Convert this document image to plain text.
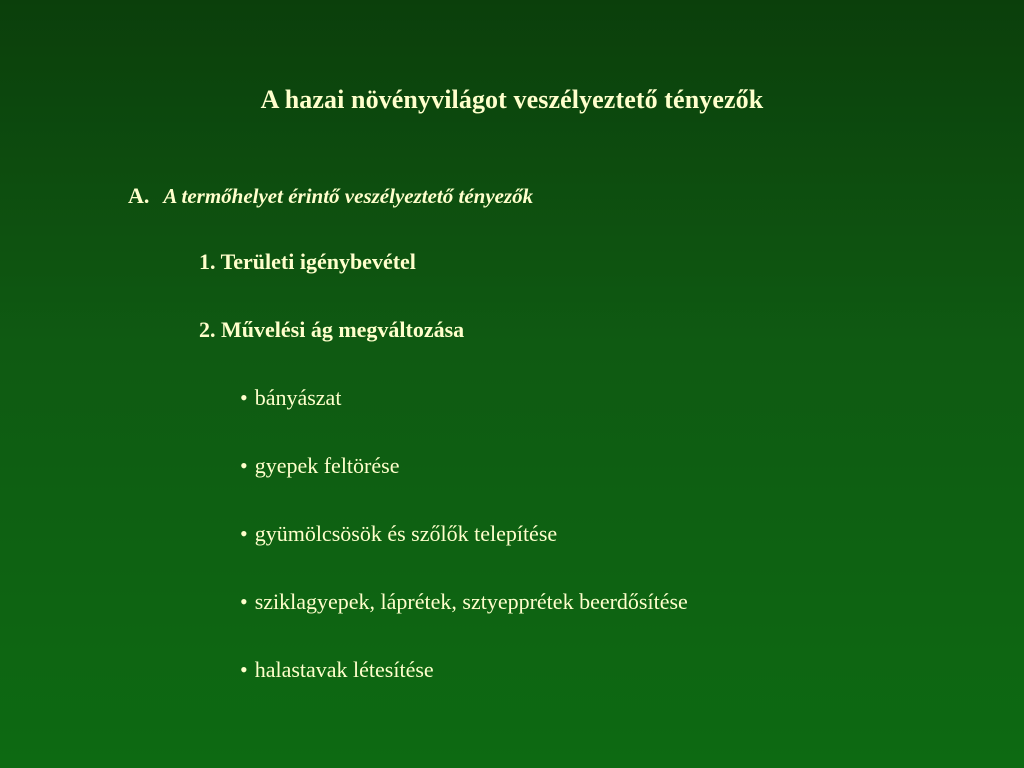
A hazai növényvilágot veszélyeztető tényezők
A. A termőhelyet érintő veszélyeztető tényezők
1. Területi igénybevétel
2. Művelési ág megváltozása
• bányászat
• gyepek feltörése
• gyümölcsösök és szőlők telepítése
• sziklagyepek, láprétek, sztyepprétek beerdősítése
• halastavak létesítése
